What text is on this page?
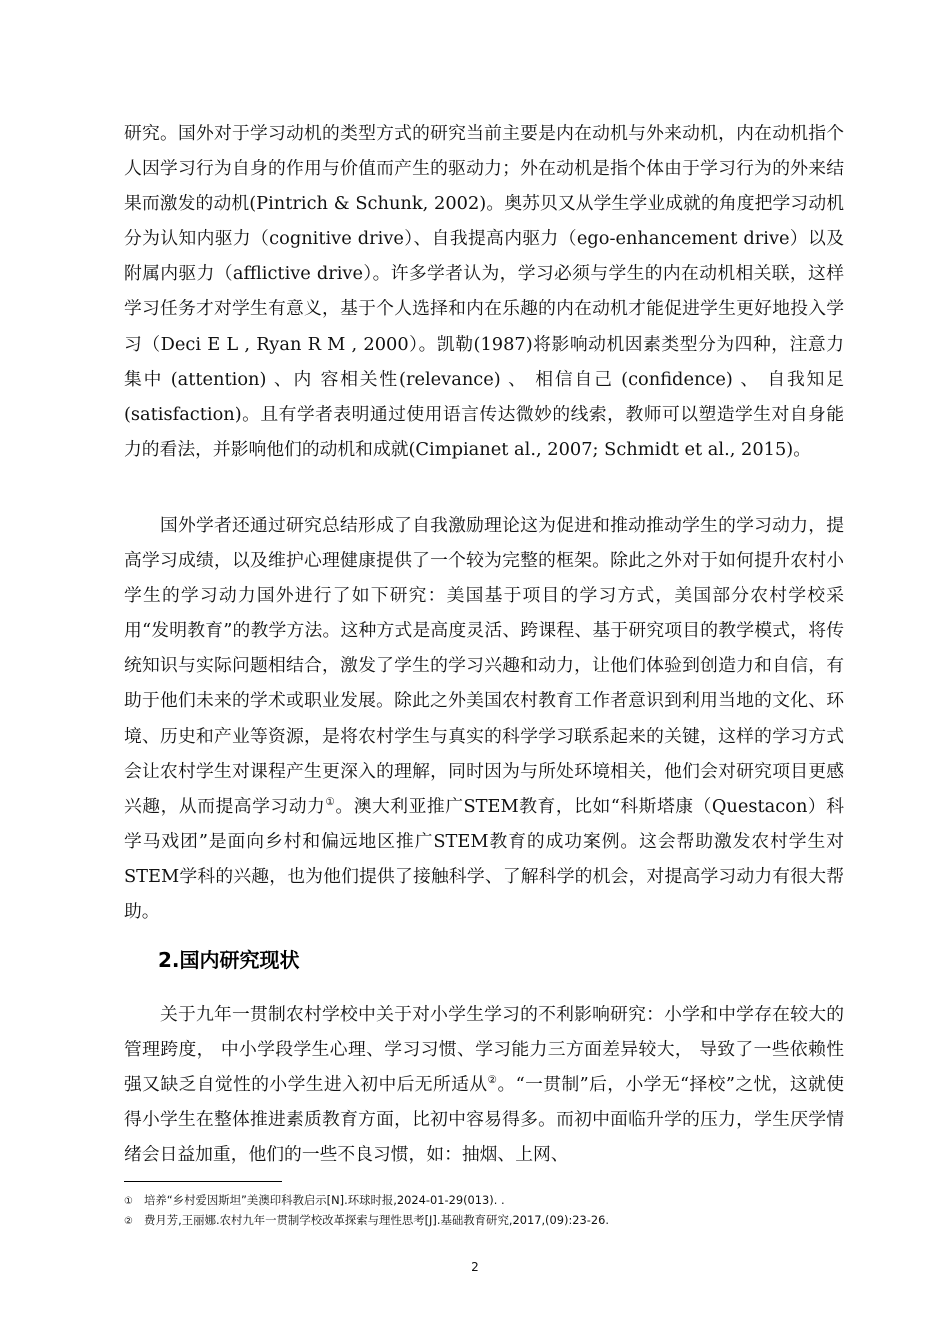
研究。国外对于学习动机的类型方式的研究当前主要是内在动机与外来动机，内在动机指个人因学习行为自身的作用与价值而产生的驱动力；外在动机是指个体由于学习行为的外来结果而激发的动机(Pintrich & Schunk, 2002)。奥苏贝又从学生学业成就的角度把学习动机分为认知内驱力（cognitive drive）、自我提高内驱力（ego-enhancement drive）以及附属内驱力（afflictive drive）。许多学者认为，学习必须与学生的内在动机相关联，这样学习任务才对学生有意义，基于个人选择和内在乐趣的内在动机才能促进学生更好地投入学习（Deci E L , Ryan R M , 2000）。凯勒(1987)将影响动机因素类型分为四种，注意力集中 (attention) 、内 容相关性(relevance) 、 相信自己 (confidence) 、 自我知足(satisfaction)。且有学者表明通过使用语言传达微妙的线索，教师可以塑造学生对自身能力的看法，并影响他们的动机和成就(Cimpianet al., 2007; Schmidt et al., 2015)。

国外学者还通过研究总结形成了自我激励理论这为促进和推动推动学生的学习动力，提高学习成绩，以及维护心理健康提供了一个较为完整的框架。除此之外对于如何提升农村小学生的学习动力国外进行了如下研究：美国基于项目的学习方式，美国部分农村学校采用“发明教育”的教学方法。这种方式是高度灵活、跨课程、基于研究项目的教学模式，将传统知识与实际问题相结合，激发了学生的学习兴趣和动力，让他们体验到创造力和自信，有助于他们未来的学术或职业发展。除此之外美国农村教育工作者意识到利用当地的文化、环境、历史和产业等资源，是将农村学生与真实的科学学习联系起来的关键，这样的学习方式会让农村学生对课程产生更深入的理解，同时因为与所处环境相关，他们会对研究项目更感兴趣，从而提高学习动力①。澳大利亚推广STEM教育，比如“科斯塔康（Questacon）科学马戏团”是面向乡村和偏远地区推广STEM教育的成功案例。这会帮助激发农村学生对STEM学科的兴趣，也为他们提供了接触科学、了解科学的机会，对提高学习动力有很大帮助。

2.国内研究现状

关于九年一贯制农村学校中关于对小学生学习的不利影响研究：小学和中学存在较大的管理跨度， 中小学段学生心理、学习习惯、学习能力三方面差异较大， 导致了一些依赖性强又缺乏自觉性的小学生进入初中后无所适从②。“一贯制”后，小学无“择校”之忧，这就使得小学生在整体推进素质教育方面，比初中容易得多。而初中面临升学的压力，学生厌学情绪会日益加重，他们的一些不良习惯，如：抽烟、上网、

① 培养“乡村爱因斯坦”美澳印科教启示[N].环球时报,2024-01-29(013). .

② 费月芳,王丽娜.农村九年一贯制学校改革探索与理性思考[J].基础教育研究,2017,(09):23-26.

2
